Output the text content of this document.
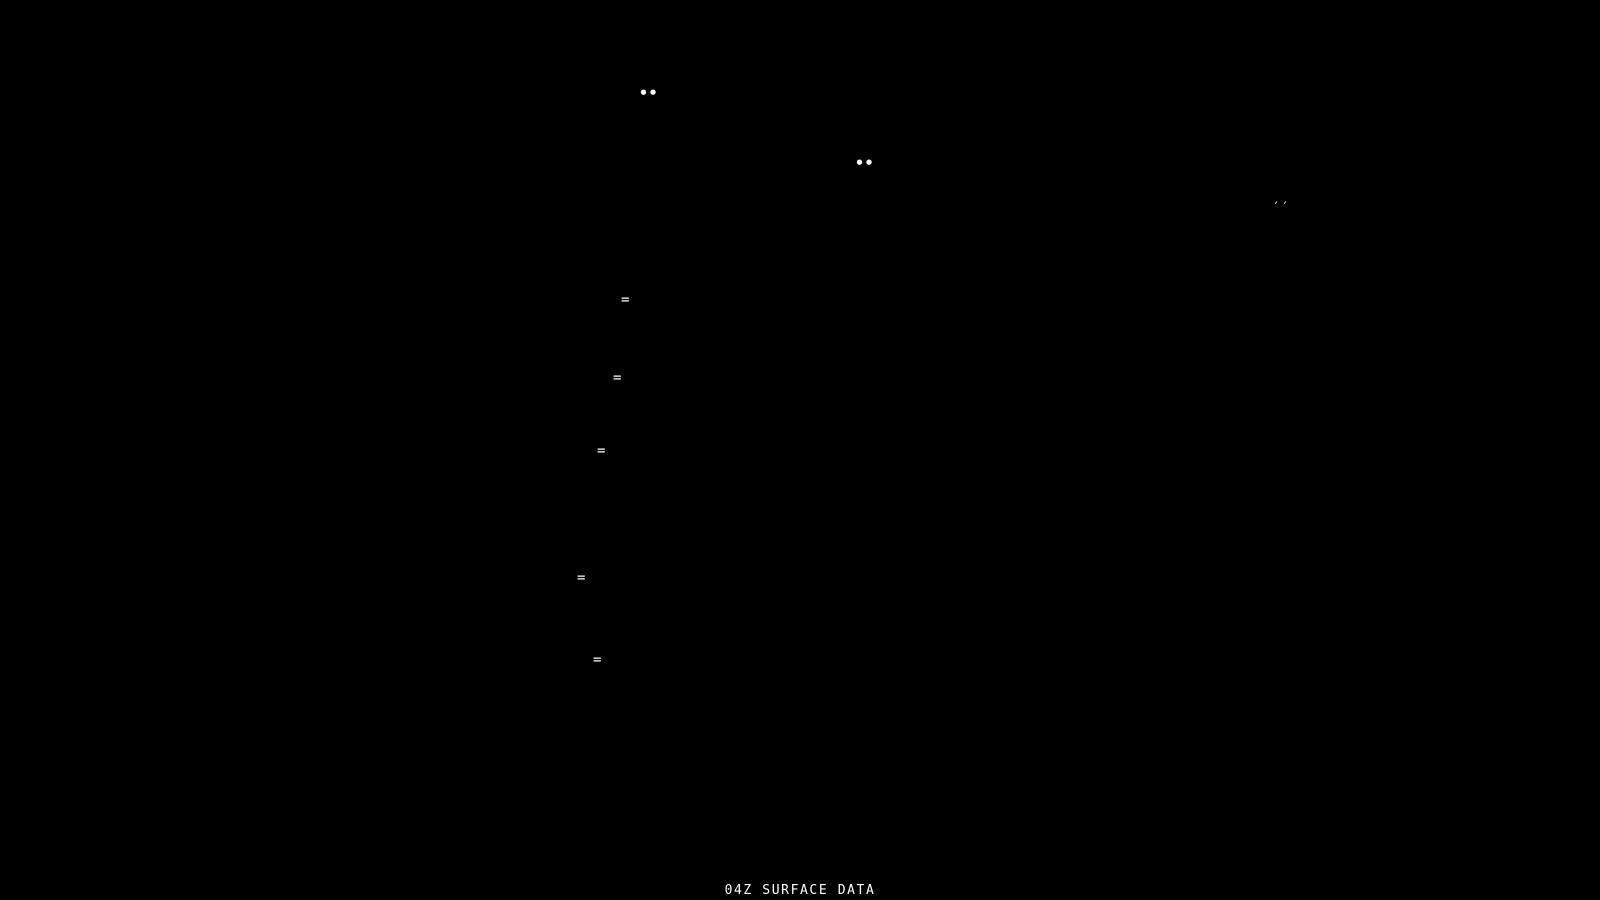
••
••
′′
=
=
=
=
=
04Z SURFACE DATA
